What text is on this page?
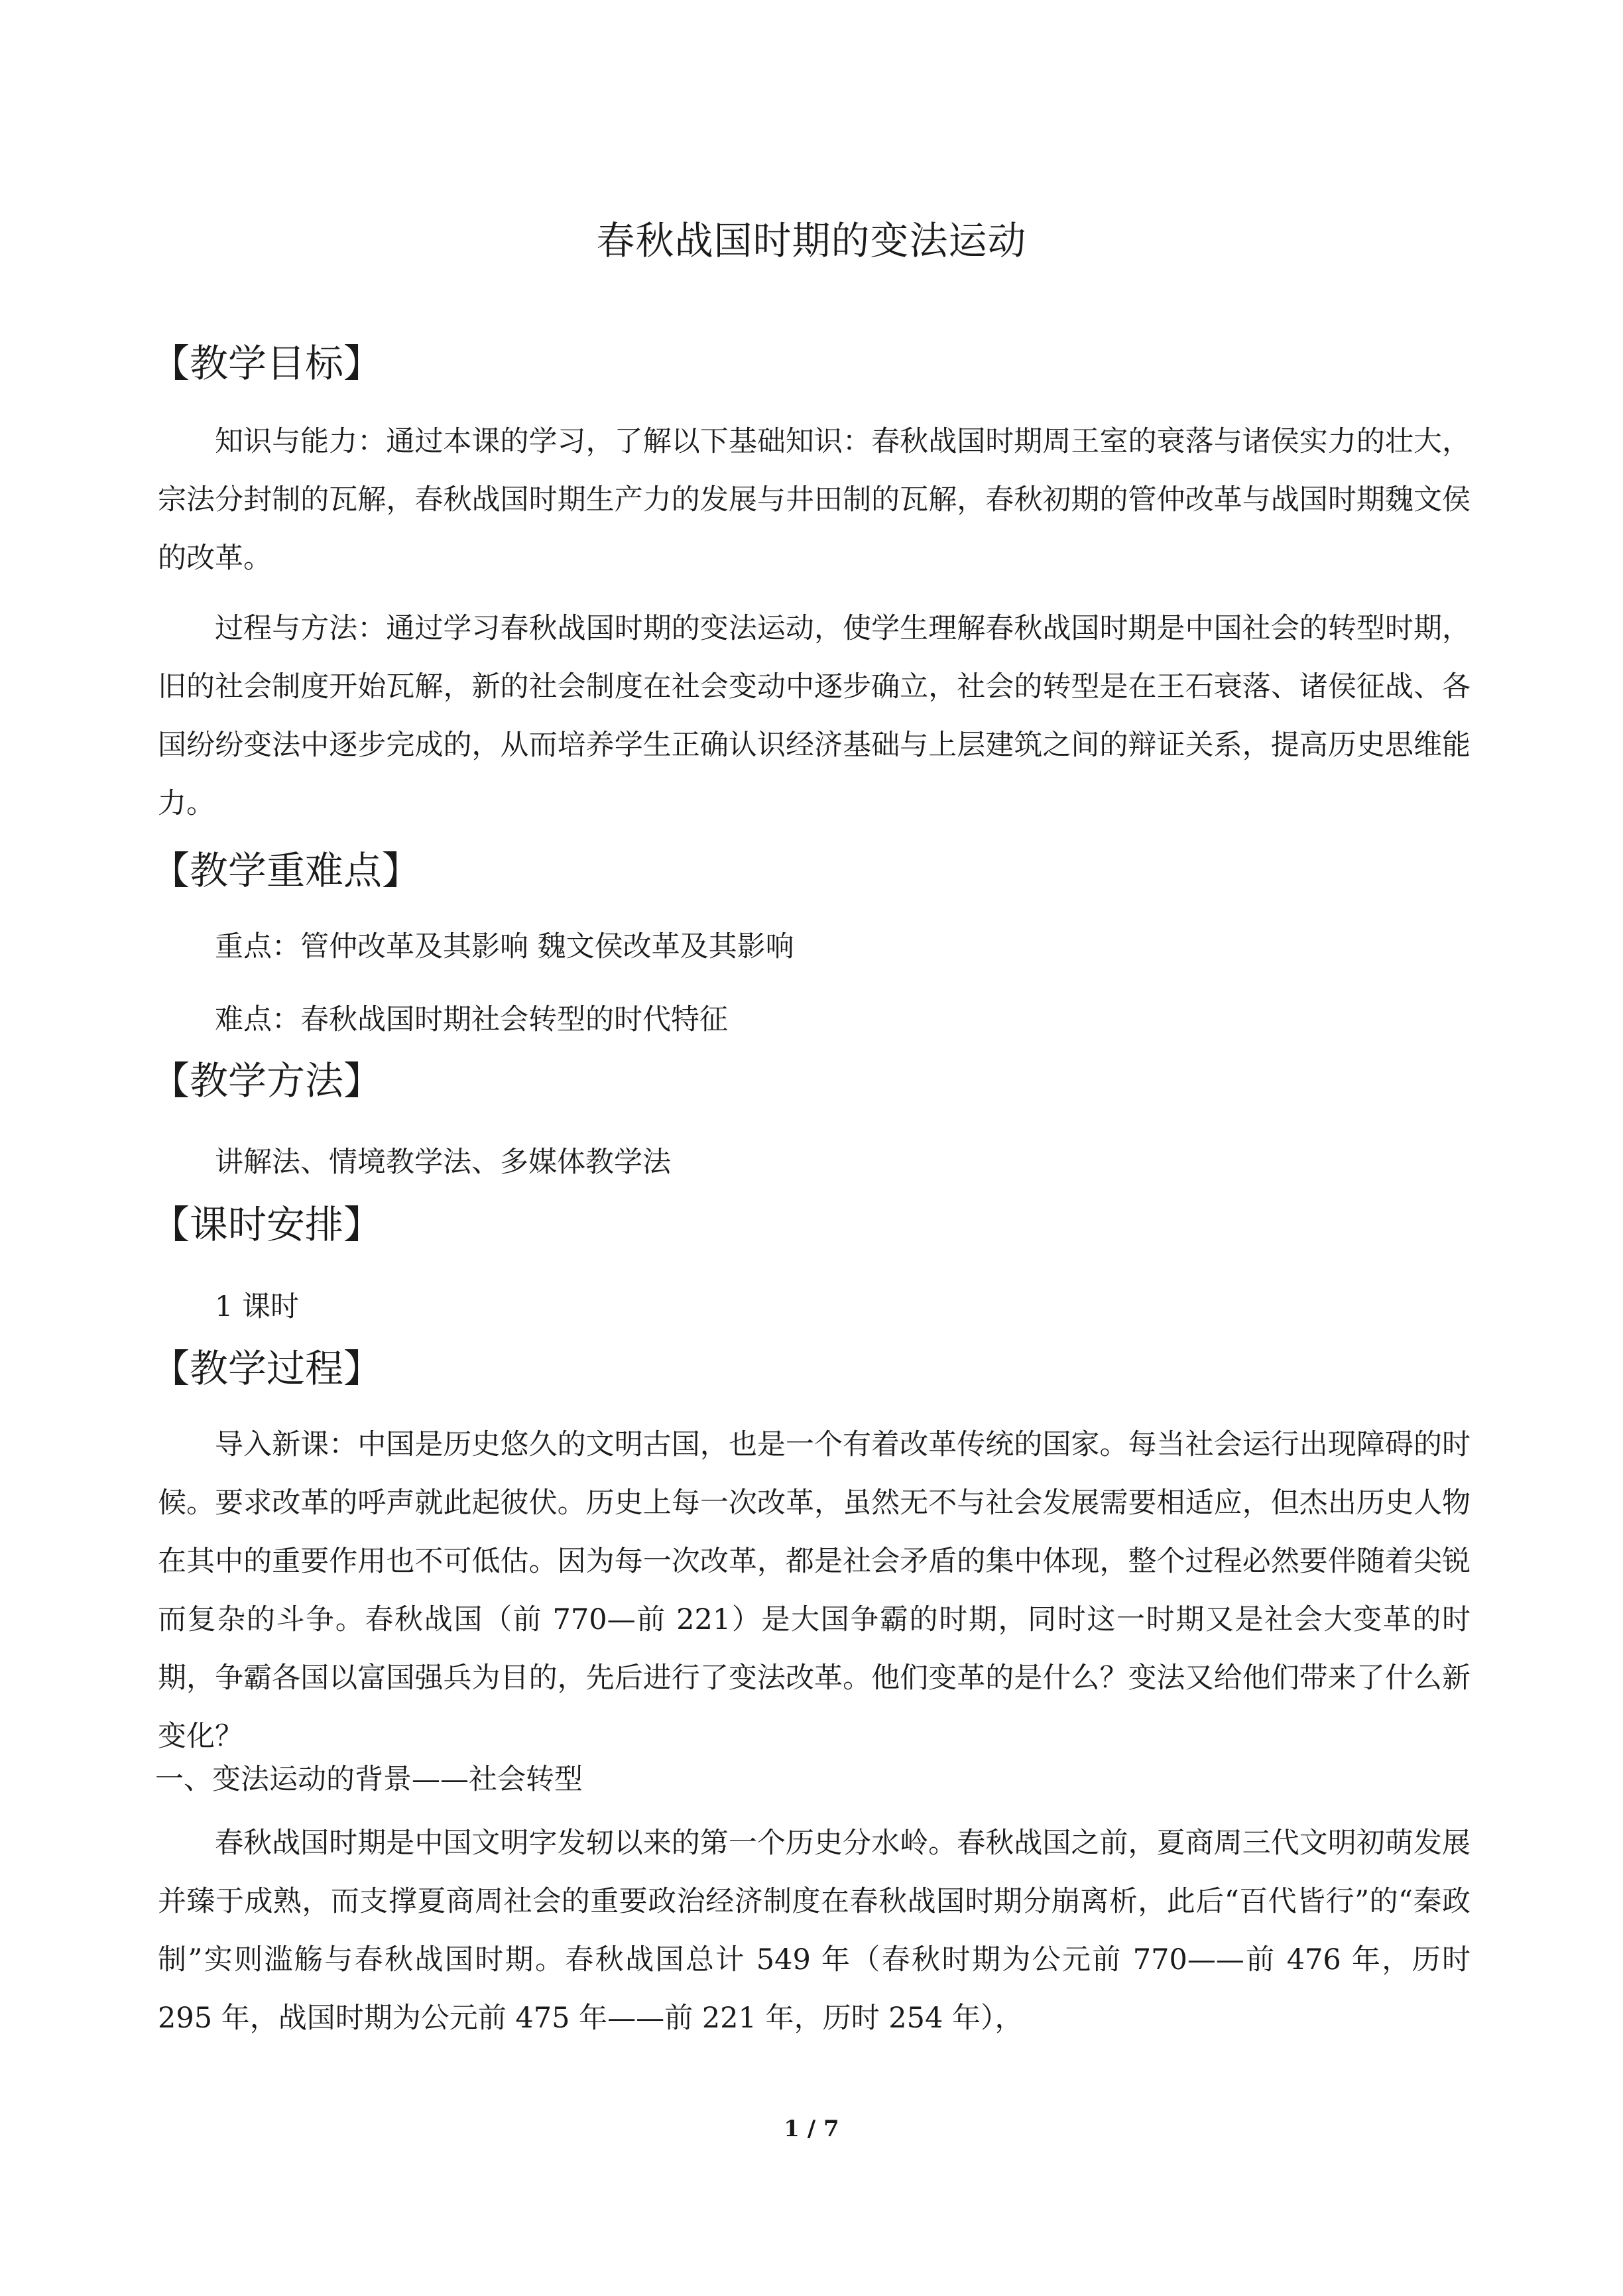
春秋战国时期的变法运动
【教学目标】

知识与能力：通过本课的学习，了解以下基础知识：春秋战国时期周王室的衰落与诸侯实力的壮大，宗法分封制的瓦解，春秋战国时期生产力的发展与井田制的瓦解，春秋初期的管仲改革与战国时期魏文侯的改革。

过程与方法：通过学习春秋战国时期的变法运动，使学生理解春秋战国时期是中国社会的转型时期，旧的社会制度开始瓦解，新的社会制度在社会变动中逐步确立，社会的转型是在王石衰落、诸侯征战、各国纷纷变法中逐步完成的，从而培养学生正确认识经济基础与上层建筑之间的辩证关系，提高历史思维能力。

【教学重难点】

重点：管仲改革及其影响 魏文侯改革及其影响

难点：春秋战国时期社会转型的时代特征

【教学方法】

讲解法、情境教学法、多媒体教学法

【课时安排】

1 课时

【教学过程】

导入新课：中国是历史悠久的文明古国，也是一个有着改革传统的国家。每当社会运行出现障碍的时候。要求改革的呼声就此起彼伏。历史上每一次改革，虽然无不与社会发展需要相适应，但杰出历史人物在其中的重要作用也不可低估。因为每一次改革，都是社会矛盾的集中体现，整个过程必然要伴随着尖锐而复杂的斗争。春秋战国（前 770—前 221）是大国争霸的时期，同时这一时期又是社会大变革的时期，争霸各国以富国强兵为目的，先后进行了变法改革。他们变革的是什么？变法又给他们带来了什么新变化？

一、变法运动的背景——社会转型

春秋战国时期是中国文明字发轫以来的第一个历史分水岭。春秋战国之前，夏商周三代文明初萌发展并臻于成熟，而支撑夏商周社会的重要政治经济制度在春秋战国时期分崩离析，此后“百代皆行”的“秦政制”实则滥觞与春秋战国时期。春秋战国总计 549 年（春秋时期为公元前 770——前 476 年，历时 295 年，战国时期为公元前 475 年——前 221 年，历时 254 年），

1 / 7
